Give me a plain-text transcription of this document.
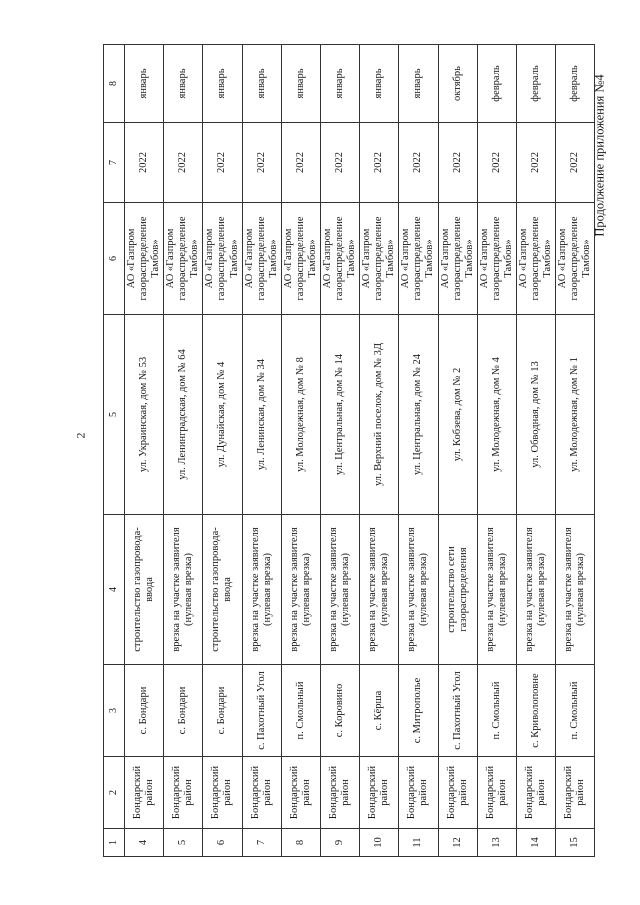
2
Продолжение приложения №4
1	2	3	4	5	6	7	8
4	Бондарский район	с. Бондари	строительство газопровода-ввода	ул. Украинская, дом № 53	АО «Газпром газораспределение Тамбов»	2022	январь
5	Бондарский район	с. Бондари	врезка на участке заявителя (нулевая врезка)	ул. Ленинградская, дом № 64	АО «Газпром газораспределение Тамбов»	2022	январь
6	Бондарский район	с. Бондари	строительство газопровода-ввода	ул. Дунайская, дом № 4	АО «Газпром газораспределение Тамбов»	2022	январь
7	Бондарский район	с. Пахотный Угол	врезка на участке заявителя (нулевая врезка)	ул. Ленинская, дом № 34	АО «Газпром газораспределение Тамбов»	2022	январь
8	Бондарский район	п. Смольный	врезка на участке заявителя (нулевая врезка)	ул. Молодежная, дом № 8	АО «Газпром газораспределение Тамбов»	2022	январь
9	Бондарский район	с. Коровино	врезка на участке заявителя (нулевая врезка)	ул. Центральная, дом № 14	АО «Газпром газораспределение Тамбов»	2022	январь
10	Бондарский район	с. Кёрша	врезка на участке заявителя (нулевая врезка)	ул. Верхний поселок, дом № 3Д	АО «Газпром газораспределение Тамбов»	2022	январь
11	Бондарский район	с. Митрополье	врезка на участке заявителя (нулевая врезка)	ул. Центральная, дом № 24	АО «Газпром газораспределение Тамбов»	2022	январь
12	Бондарский район	с. Пахотный Угол	строительство сети газораспределения	ул. Кобзева, дом № 2	АО «Газпром газораспределение Тамбов»	2022	октябрь
13	Бондарский район	п. Смольный	врезка на участке заявителя (нулевая врезка)	ул. Молодежная, дом № 4	АО «Газпром газораспределение Тамбов»	2022	февраль
14	Бондарский район	с. Криволоповне	врезка на участке заявителя (нулевая врезка)	ул. Обводная, дом № 13	АО «Газпром газораспределение Тамбов»	2022	февраль
15	Бондарский район	п. Смольный	врезка на участке заявителя (нулевая врезка)	ул. Молодежная, дом № 1	АО «Газпром газораспределение Тамбов»	2022	февраль
